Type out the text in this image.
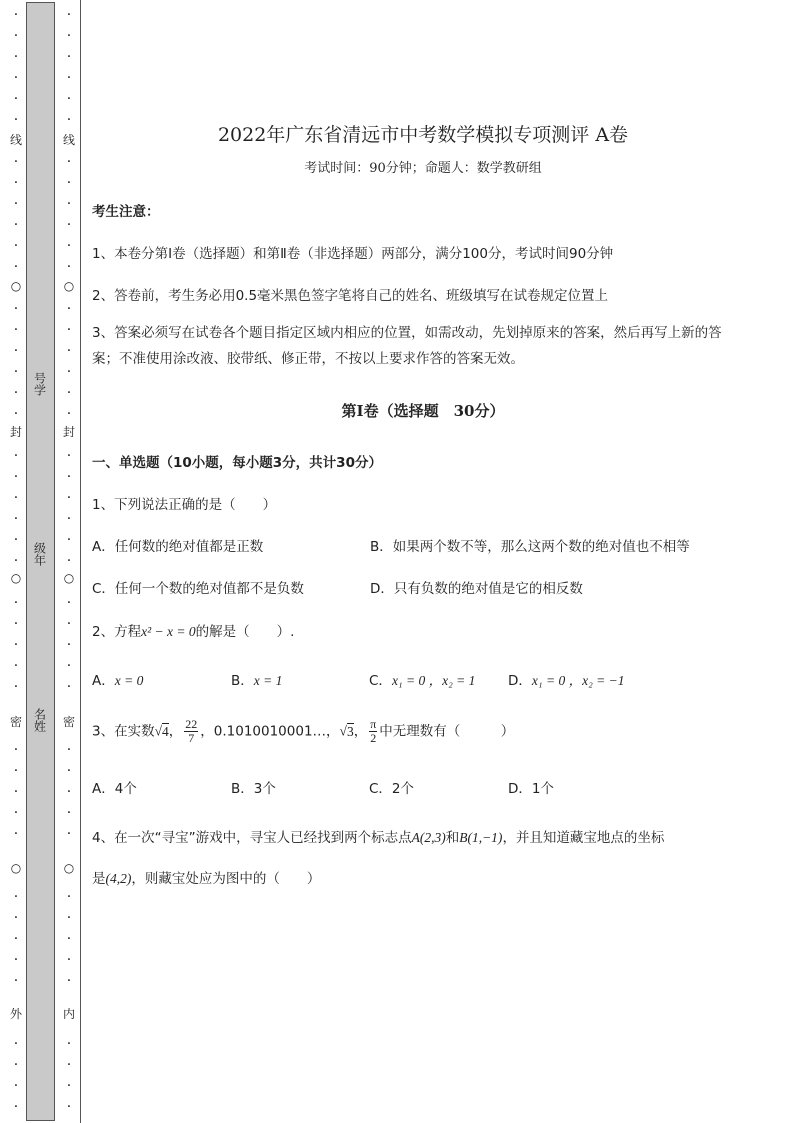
·
·
·
·
·
·
·
·
·
·
·
·
·
·
·
·
·
·
·
·
·
·
·
·
·
·
·
·
·
·
·
·
·
·
·
·
·
·
·
·
·
·
·
线
○
封
○
密
○
外
·
·
·
·
·
·
·
·
·
·
·
·
·
·
·
·
·
·
·
·
·
·
·
·
·
·
·
·
·
·
·
·
·
·
·
·
·
·
·
·
·
·
·
线
○
封
○
密
○
内
号学
级年
名姓
2022年广东省清远市中考数学模拟专项测评 A卷
考试时间：90分钟；命题人：数学教研组
考生注意：
1、本卷分第I卷（选择题）和第Ⅱ卷（非选择题）两部分，满分100分，考试时间90分钟
2、答卷前，考生务必用0.5毫米黑色签字笔将自己的姓名、班级填写在试卷规定位置上
3、答案必须写在试卷各个题目指定区域内相应的位置，如需改动，先划掉原来的答案，然后再写上新的答案；不准使用涂改液、胶带纸、修正带，不按以上要求作答的答案无效。
第I卷（选择题　30分）
一、单选题（10小题，每小题3分，共计30分）
1、下列说法正确的是（　　）
A．任何数的绝对值都是正数	B．如果两个数不等，那么这两个数的绝对值也不相等
C．任何一个数的绝对值都不是负数	D．只有负数的绝对值是它的相反数
2、方程x² − x = 0的解是（　　）.
A．x = 0	B．x = 1	C．x₁ = 0 ，x₂ = 1 D．x₁ = 0 ，x₂ = −1
3、在实数√4， $\frac{22}{7}$ ，0.1010010001…，√3， $\frac{\pi}{2}$ 中无理数有（　　　）
A．4个	B．3个	C．2个	D．1个
4、在一次“寻宝”游戏中，寻宝人已经找到两个标志点A(2,3)和B(1,−1)，并且知道藏宝地点的坐标
是(4,2)，则藏宝处应为图中的（　　）
